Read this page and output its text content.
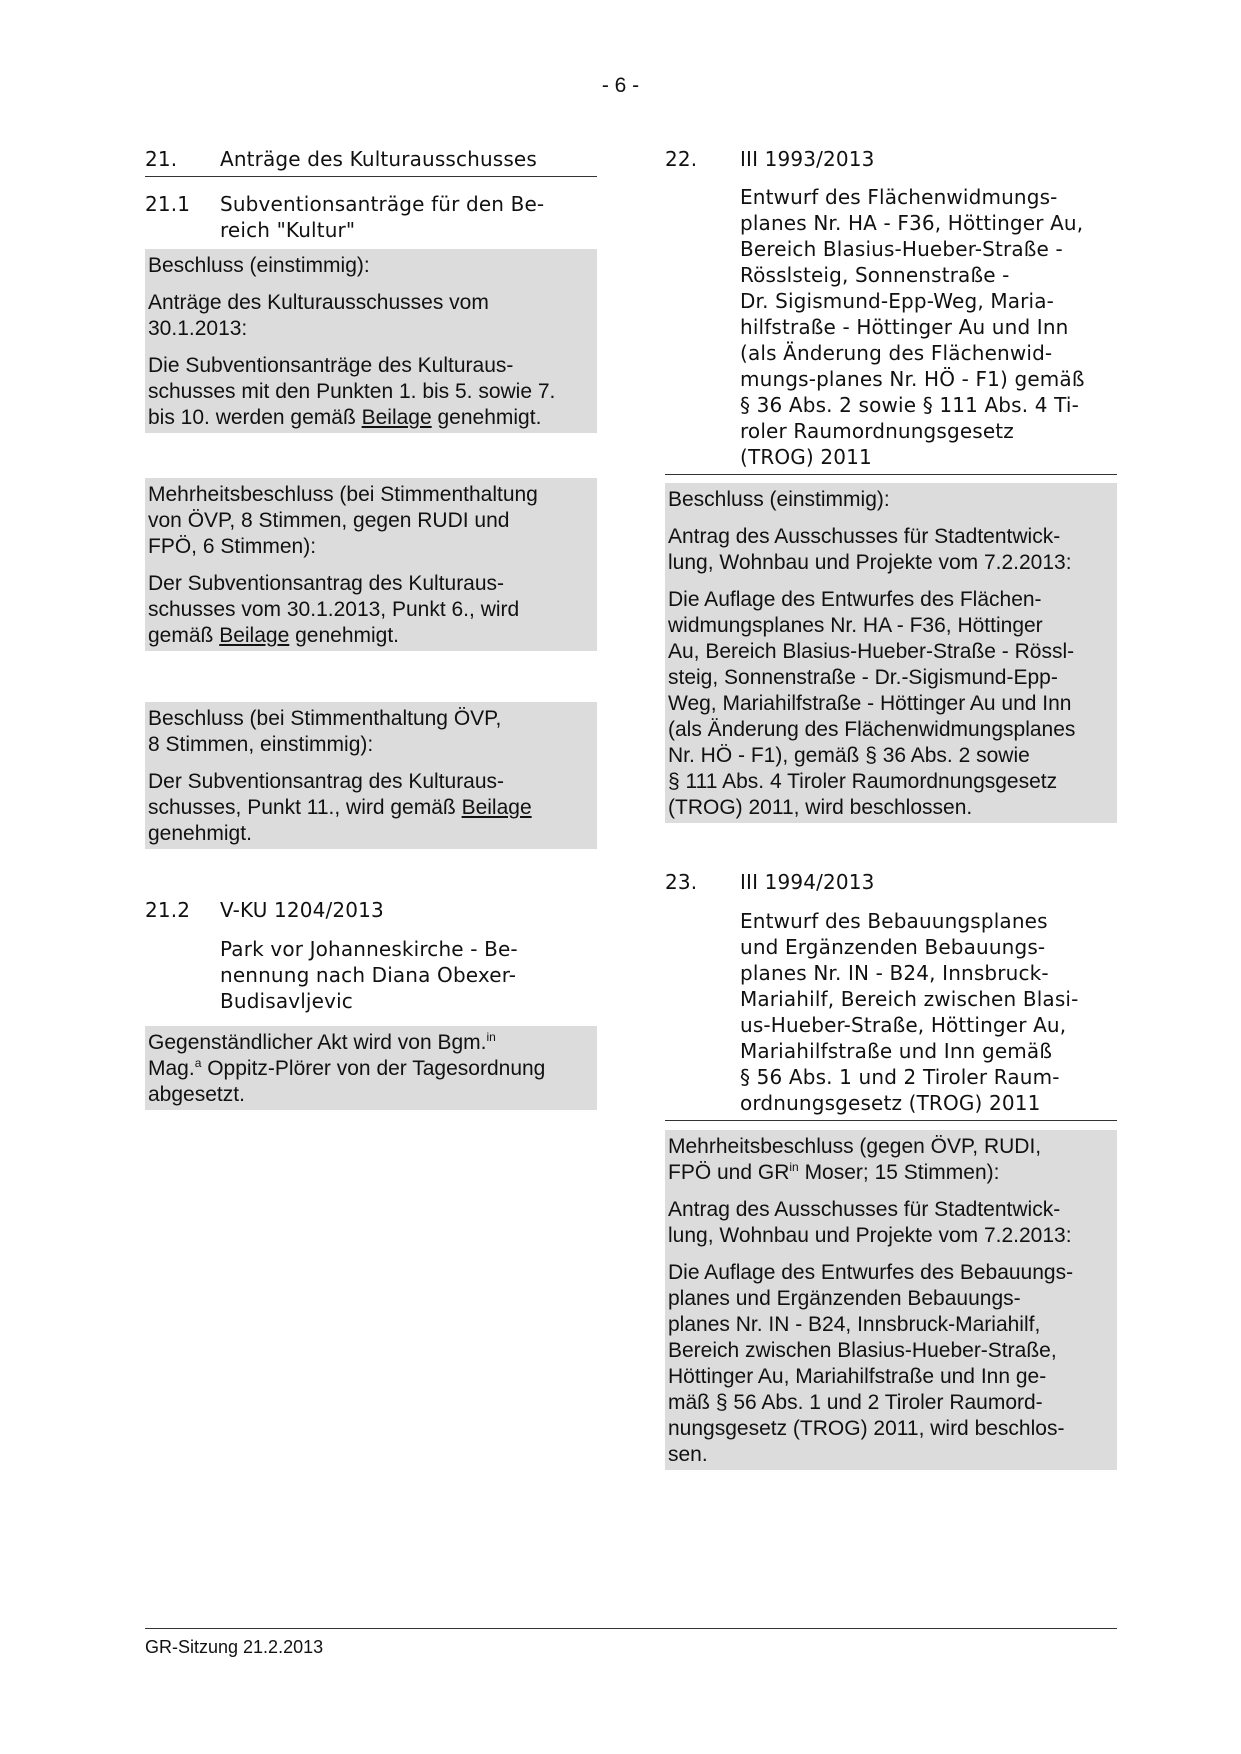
- 6 -
21.	Anträge des Kulturausschusses
21.1	Subventionsanträge für den Be-
reich "Kultur"

Beschluss (einstimmig):

Anträge des Kulturausschusses vom
30.1.2013:

Die Subventionsanträge des Kulturaus-
schusses mit den Punkten 1. bis 5. sowie 7.
bis 10. werden gemäß Beilage genehmigt.

Mehrheitsbeschluss (bei Stimmenthaltung
von ÖVP, 8 Stimmen, gegen RUDI und
FPÖ, 6 Stimmen):

Der Subventionsantrag des Kulturaus-
schusses vom 30.1.2013, Punkt 6., wird
gemäß Beilage genehmigt.

Beschluss (bei Stimmenthaltung ÖVP,
8 Stimmen, einstimmig):

Der Subventionsantrag des Kulturaus-
schusses, Punkt 11., wird gemäß Beilage
genehmigt.

21.2	V-KU 1204/2013
Park vor Johanneskirche - Be-
nennung nach Diana Obexer-
Budisavljevic

Gegenständlicher Akt wird von Bgm.$^{in}$
Mag.$^a$ Oppitz-Plörer von der Tagesordnung
abgesetzt.

22.	III 1993/2013
Entwurf des Flächenwidmungs-
planes Nr. HA - F36, Höttinger Au,
Bereich Blasius-Hueber-Straße -
Rösslsteig, Sonnenstraße -
Dr. Sigismund-Epp-Weg, Maria-
hilfstraße - Höttinger Au und Inn
(als Änderung des Flächenwid-
mungs-planes Nr. HÖ - F1) gemäß
§ 36 Abs. 2 sowie § 111 Abs. 4 Ti-
roler Raumordnungsgesetz
(TROG) 2011

Beschluss (einstimmig):

Antrag des Ausschusses für Stadtentwick-
lung, Wohnbau und Projekte vom 7.2.2013:

Die Auflage des Entwurfes des Flächen-
widmungsplanes Nr. HA - F36, Höttinger
Au, Bereich Blasius-Hueber-Straße - Rössl-
steig, Sonnenstraße - Dr.-Sigismund-Epp-
Weg, Mariahilfstraße - Höttinger Au und Inn
(als Änderung des Flächenwidmungsplanes
Nr. HÖ - F1), gemäß § 36 Abs. 2 sowie
§ 111 Abs. 4 Tiroler Raumordnungsgesetz
(TROG) 2011, wird beschlossen.

23.	III 1994/2013
Entwurf des Bebauungsplanes
und Ergänzenden Bebauungs-
planes Nr. IN - B24, Innsbruck-
Mariahilf, Bereich zwischen Blasi-
us-Hueber-Straße, Höttinger Au,
Mariahilfstraße und Inn gemäß
§ 56 Abs. 1 und 2 Tiroler Raum-
ordnungsgesetz (TROG) 2011

Mehrheitsbeschluss (gegen ÖVP, RUDI,
FPÖ und $GR^{in}$ Moser; 15 Stimmen):

Antrag des Ausschusses für Stadtentwick-
lung, Wohnbau und Projekte vom 7.2.2013:

Die Auflage des Entwurfes des Bebauungs-
planes und Ergänzenden Bebauungs-
planes Nr. IN - B24, Innsbruck-Mariahilf,
Bereich zwischen Blasius-Hueber-Straße,
Höttinger Au, Mariahilfstraße und Inn ge-
mäß § 56 Abs. 1 und 2 Tiroler Raumord-
nungsgesetz (TROG) 2011, wird beschlos-
sen.

GR-Sitzung 21.2.2013
